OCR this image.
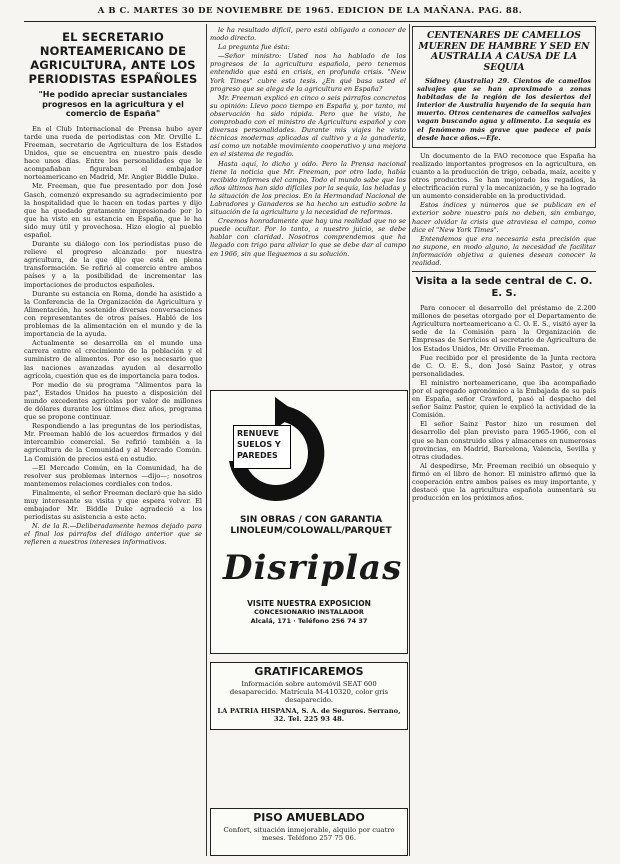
A B C. MARTES 30 DE NOVIEMBRE DE 1965. EDICION DE LA MAÑANA. PAG. 88.
EL SECRETARIO NORTEAMERICANO DE AGRICULTURA, ANTE LOS PERIODISTAS ESPAÑOLES
"He podido apreciar sustanciales progresos en la agricultura y el comercio de España"

En el Club Internacional de Prensa hubo ayer tarde una rueda de periodistas con Mr. Orville L. Freeman, secretario de Agricultura de los Estados Unidos, que se encuentra en nuestro país desde hace unos días. Entre los personalidades que le acompañaban figuraban el embajador norteamericano en Madrid, Mr. Angier Biddle Duke.

Mr. Freeman, que fue presentado por don José Gasch, comenzó expresando su agradecimiento por la hospitalidad que le hacen en todas partes y dijo que ha quedado gratamente impresionado por lo que ha visto en su estancia en España, que le ha sido muy útil y provechosa. Hizo elogio al pueblo español.

Durante su diálogo con los periodistas puso de relieve el progreso alcanzado por nuestra agricultura, de la que dijo que está en plena transformación. Se refirió al comercio entre ambos países y a la posibilidad de incrementar las importaciones de productos españoles.

Durante su estancia en Roma, donde ha asistido a la Conferencia de la Organización de Agricultura y Alimentación, ha sostenido diversas conversaciones con representantes de otros países. Habló de los problemas de la alimentación en el mundo y de la importancia de la ayuda.

Actualmente se desarrolla en el mundo una carrera entre el crecimiento de la población y el suministro de alimentos. Por eso es necesario que las naciones avanzadas ayuden al desarrollo agrícola, cuestión que es de importancia para todos.

Por medio de su programa "Alimentos para la paz", Estados Unidos ha puesto a disposición del mundo excedentes agrícolas por valor de millones de dólares durante los últimos diez años, programa que se propone continuar.

Respondiendo a las preguntas de los periodistas, Mr. Freeman habló de los acuerdos firmados y del intercambio comercial. Se refirió también a la agricultura de la Comunidad y al Mercado Común. La Comisión de precios está en estudio.

—El Mercado Común, en la Comunidad, ha de resolver sus problemas internos —dijo—; nosotros mantenemos relaciones cordiales con todos.

Finalmente, el señor Freeman declaró que ha sido muy interesante su visita y que espera volver. El embajador Mr. Biddle Duke agradeció a los periodistas su asistencia a este acto.

N. de la R.—Deliberadamente hemos dejado para el final los párrafos del diálogo anterior que se refieren a nuestros intereses informativos.

le ha resultado difícil, pero está obligado a conocer de modo directo.

La pregunta fue ésta:

—Señor ministro: Usted nos ha hablado de los progresos de la agricultura española, pero tenemos entendido que está en crisis, en profunda crisis. "New York Times" cubre esta tesis. ¿En qué basa usted el progreso que se alega de la agricultura en España?

Mr. Freeman explicó en cinco o seis párrafos concretos su opinión: Llevo poco tiempo en España y, por tanto, mi observación ha sido rápida. Pero que he visto, he comprobado con el ministro de Agricultura español y con diversas personalidades. Durante mis viajes he visto técnicas modernas aplicadas al cultivo y a la ganadería, así como un notable movimiento cooperativo y una mejora en el sistema de regadío.

Hasta aquí, lo dicho y oído. Pero la Prensa nacional tiene la noticia que Mr. Freeman, por otro lado, había recibido informes del campo. Todo el mundo sabe que los años últimos han sido difíciles por la sequía, las heladas y la situación de los precios. En la Hermandad Nacional de Labradores y Ganaderos se ha hecho un estudio sobre la situación de la agricultura y la necesidad de reformas.

Creemos honradamente que hay una realidad que no se puede ocultar. Por lo tanto, a nuestro juicio, se debe hablar con claridad. Nosotros comprendemos que ha llegado con trigo para aliviar lo que se debe dar al campo en 1966, sin que lleguemos a su solución.

RENUEVE SUELOS Y PAREDES
SIN OBRAS / CON GARANTIA
LINOLEUM/COLOWALL/PARQUET
Disriplas
VISITE NUESTRA EXPOSICION
CONCESIONARIO INSTALADOR
Alcalá, 171 · Teléfono 256 74 37
GRATIFICAREMOS
Información sobre automóvil SEAT 600 desaparecido. Matrícula M-410320, color gris desaparecido.
LA PATRIA HISPANA, S. A. de Seguros. Serrano, 32. Tel. 225 93 48.
PISO AMUEBLADO
Confort, situación inmejorable, alquilo por cuatro meses. Teléfono 257 75 06.
CENTENARES DE CAMELLOS MUEREN DE HAMBRE Y SED EN AUSTRALIA A CAUSA DE LA SEQUIA

Sídney (Australia) 29. Cientos de camellos salvajes que se han aproximado a zonas habitadas de la región de los desiertos del interior de Australia huyendo de la sequía han muerto. Otros centenares de camellos salvajes vagan buscando agua y alimento. La sequía es el fenómeno más grave que padece el país desde hace años.—Efe.

Un documento de la FAO reconoce que España ha realizado importantes progresos en la agricultura, en cuanto a la producción de trigo, cebada, maíz, aceite y otros productos. Se han mejorado los regadíos, la electrificación rural y la mecanización, y se ha logrado un aumento considerable en la productividad.

Estos índices y números que se publican en el exterior sobre nuestro país no deben, sin embargo, hacer olvidar la crisis que atraviesa el campo, como dice el "New York Times".

Entendemos que era necesaria esta precisión que no supone, en modo alguno, la necesidad de facilitar información objetiva a quienes desean conocer la realidad.

Visita a la sede central de C. O. E. S.

Para conocer el desarrollo del préstamo de 2.200 millones de pesetas otorgado por el Departamento de Agricultura norteamericano a C. O. E. S., visitó ayer la sede de la Comisión para la Organización de Empresas de Servicios el secretario de Agricultura de los Estados Unidos, Mr. Orville Freeman.

Fue recibido por el presidente de la Junta rectora de C. O. E. S., don José Sainz Pastor, y otras personalidades.

El ministro norteamericano, que iba acompañado por el agregado agronómico a la Embajada de su país en España, señor Crawford, pasó al despacho del señor Sainz Pastor, quien le explicó la actividad de la Comisión.

El señor Sainz Pastor hizo un resumen del desarrollo del plan previsto para 1965-1966, con el que se han construido silos y almacenes en numerosas provincias, en Madrid, Barcelona, Valencia, Sevilla y otras ciudades.

Al despedirse, Mr. Freeman recibió un obsequio y firmó en el libro de honor. El ministro afirmó que la cooperación entre ambos países es muy importante, y destacó que la agricultura española aumentará su producción en los próximos años.
